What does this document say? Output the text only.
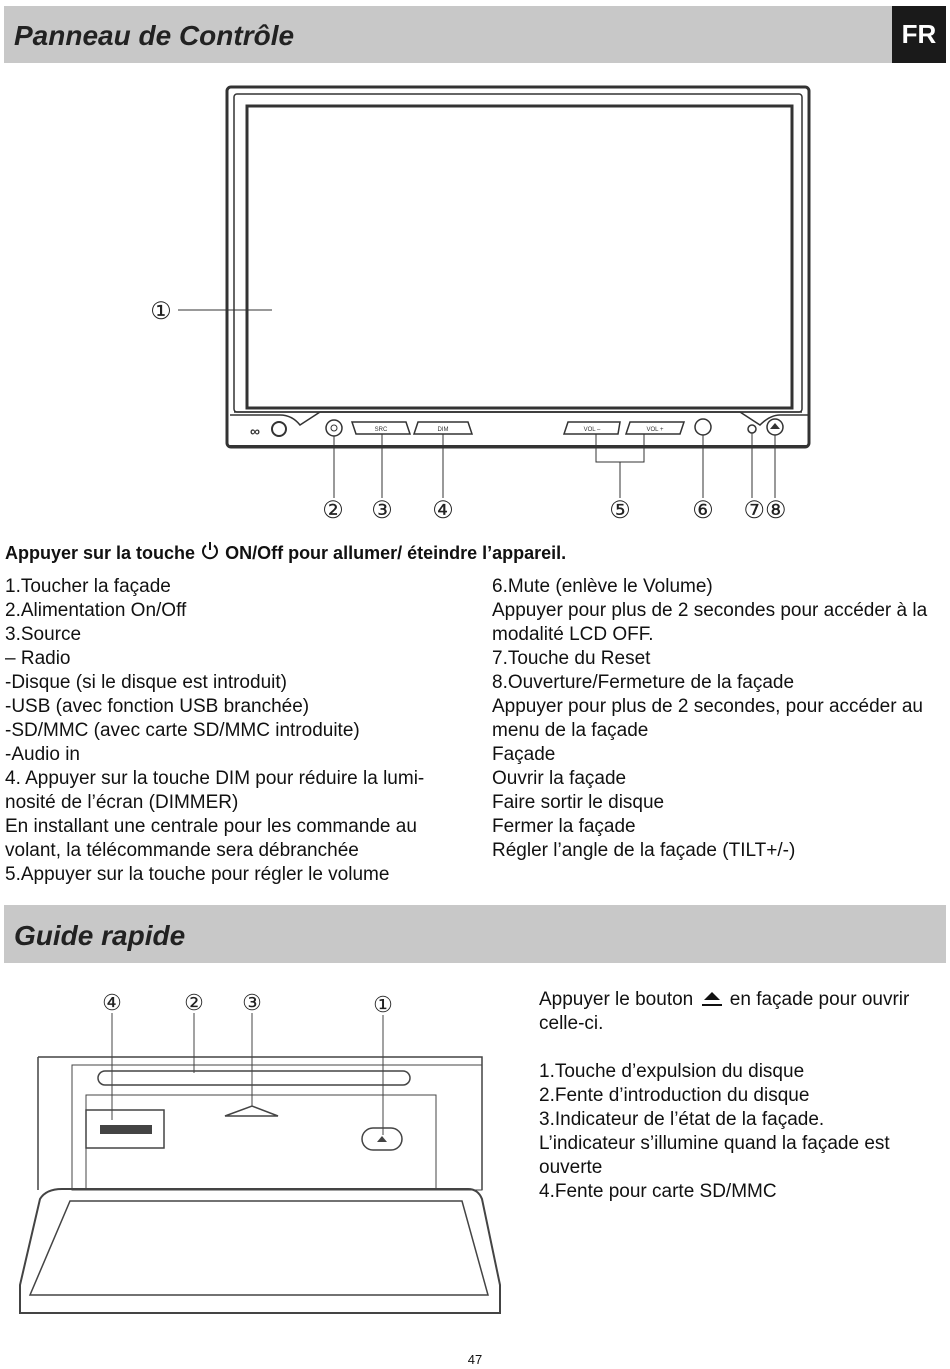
Panneau de Contrôle	FR
∞	SRC	DIM	VOL –	VOL +
①
② ③ ④	⑤	⑥ ⑦⑧
Appuyer sur la touche ON/Off pour allumer/ éteindre l’appareil.
1.Toucher la façade
2.Alimentation On/Off
3.Source
– Radio
-Disque (si le disque est introduit)
-USB (avec fonction USB branchée)
-SD/MMC (avec carte SD/MMC introduite)
-Audio in
4. Appuyer sur la touche DIM pour réduire la lumi-
nosité de l’écran (DIMMER)
En installant une centrale pour les commande au
volant, la télécommande sera débranchée
5.Appuyer sur la touche pour régler le volume
6.Mute (enlève le Volume)
Appuyer pour plus de 2 secondes pour accéder à la
modalité LCD OFF.
7.Touche du Reset
8.Ouverture/Fermeture de la façade
Appuyer pour plus de 2 secondes, pour accéder au
menu de la façade
Façade
Ouvrir la façade
Faire sortir le disque
Fermer la façade
Régler l’angle de la façade (TILT+/-)
Guide rapide
④	② ③	①	Appuyer le bouton en façade pour ouvrir
celle-ci.
1.Touche d’expulsion du disque
2.Fente d’introduction du disque
3.Indicateur de l’état de la façade.
L’indicateur s’illumine quand la façade est
ouverte
4.Fente pour carte SD/MMC
47
